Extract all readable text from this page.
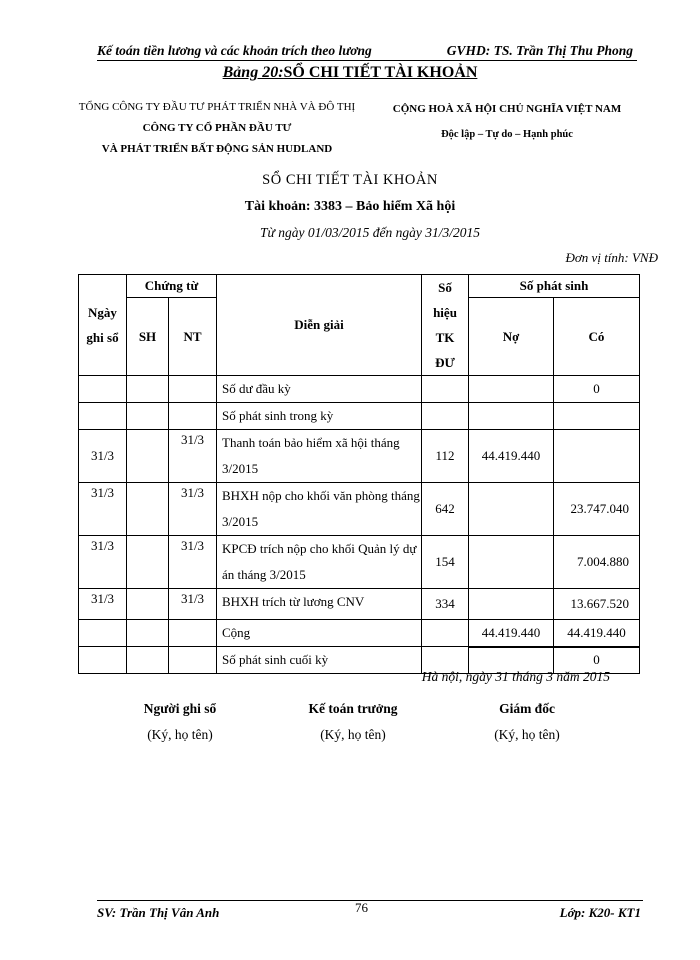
Kế toán tiền lương và các khoản trích theo lương	GVHD: TS. Trần Thị Thu Phong
Bảng 20:SỔ CHI TIẾT TÀI KHOẢN
TỔNG CÔNG TY ĐẦU TƯ PHÁT TRIỂN NHÀ VÀ ĐÔ THỊ
CÔNG TY CỔ PHẦN ĐẦU TƯ
VÀ PHÁT TRIỂN BẤT ĐỘNG SẢN HUDLAND
CỘNG HOÀ XÃ HỘI CHỦ NGHĨA VIỆT NAM
Độc lập – Tự do – Hạnh phúc
SỔ CHI TIẾT TÀI KHOẢN
Tài khoản: 3383 – Bảo hiểm Xã hội
Từ ngày 01/03/2015 đến ngày 31/3/2015
Đơn vị tính: VNĐ
Ngày ghi sổ	Chứng từ		Diễn giải	Số hiệu TK ĐƯ	Số phát sinh	
	SH	NT			Nợ	Có
			Số dư đầu kỳ			0
			Số phát sinh trong kỳ			
31/3		31/3	Thanh toán bảo hiểm xã hội tháng 3/2015	112	44.419.440	
31/3		31/3	BHXH nộp cho khối văn phòng tháng 3/2015	642		23.747.040
31/3		31/3	KPCĐ trích nộp cho khối Quản lý dự án tháng 3/2015	154		7.004.880
31/3		31/3	BHXH trích từ lương CNV	334		13.667.520
			Cộng		44.419.440	44.419.440
			Số phát sinh cuối kỳ			0
Hà nội, ngày 31 tháng 3 năm 2015
Người ghi sổ
(Ký, họ tên)
Kế toán trưởng
(Ký, họ tên)
Giám đốc
(Ký, họ tên)
SV: Trần Thị Vân Anh	76	Lớp: K20- KT1
